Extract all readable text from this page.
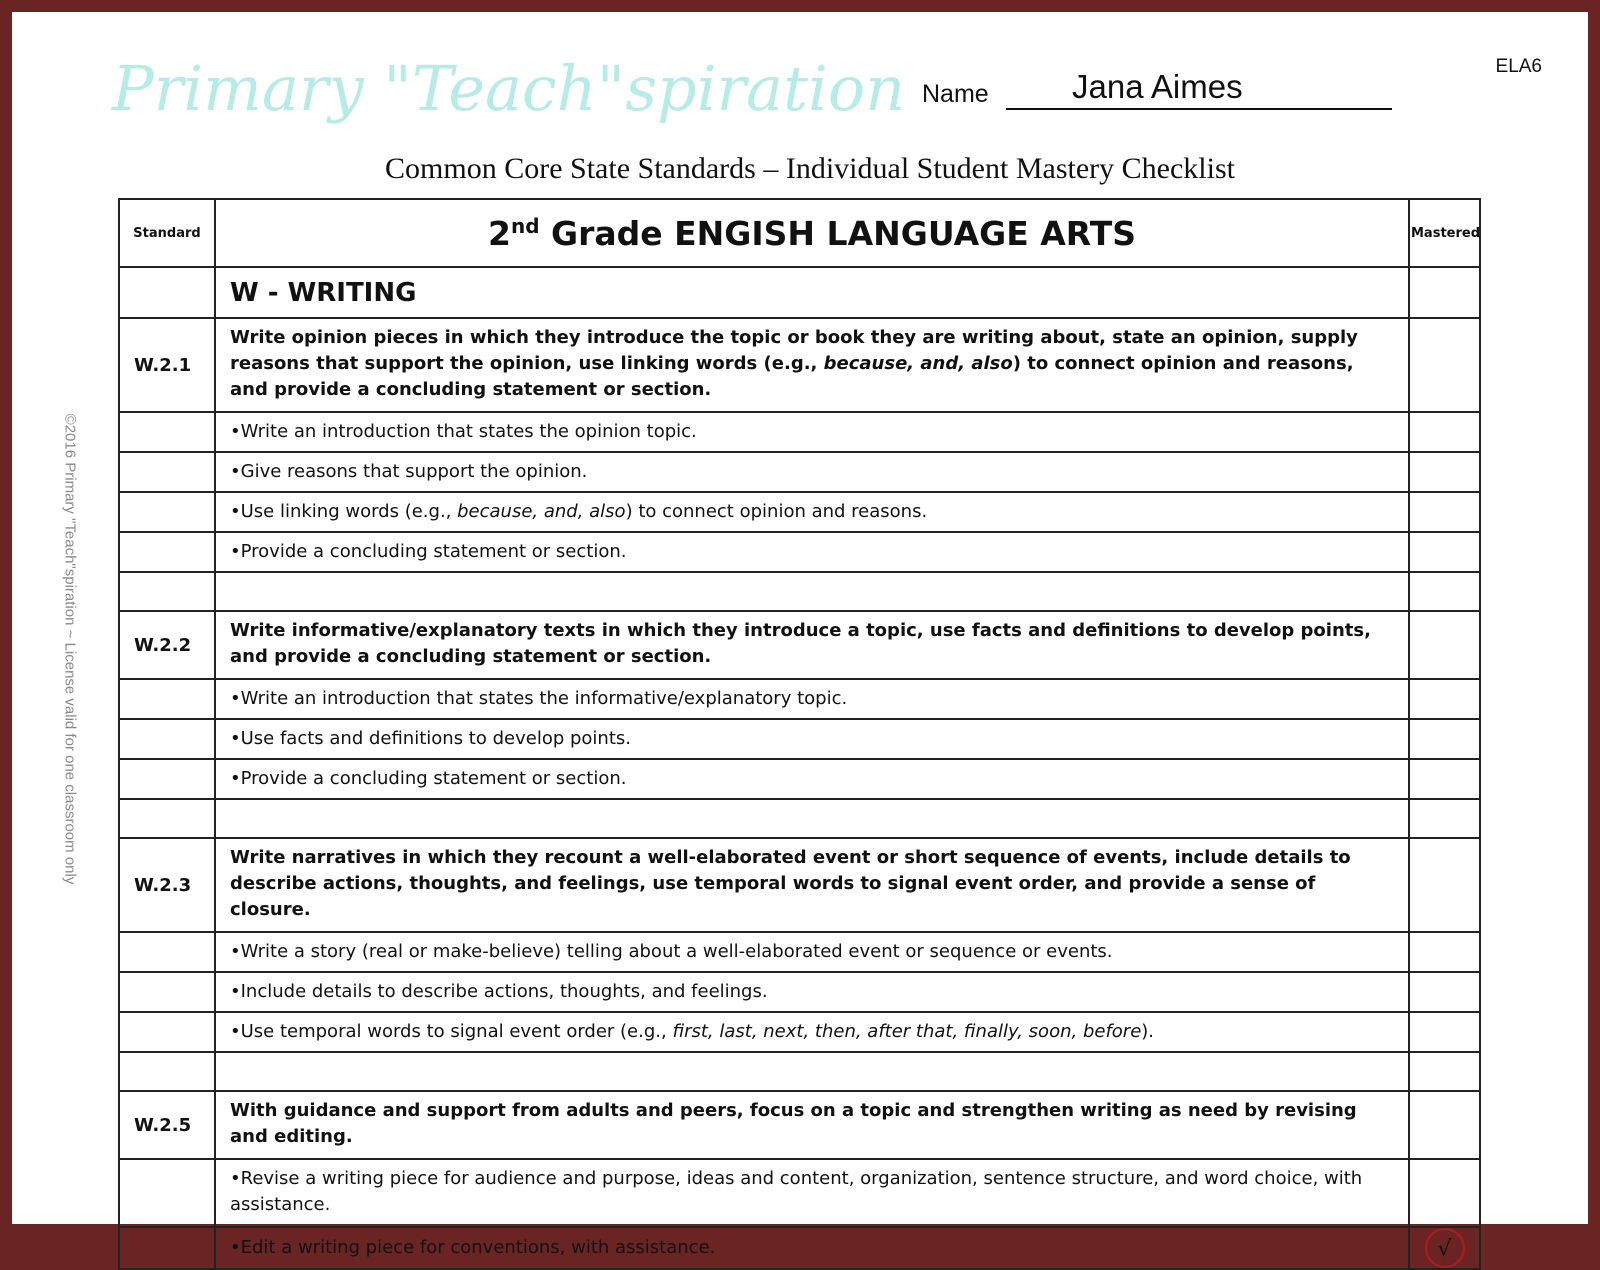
Primary "Teach"spiration Name	Jana Aimes
ELA6
Common Core State Standards – Individual Student Mastery Checklist
©2016 Primary "Teach"spiration ~ License valid for one classroom only
Standard	2nd Grade ENGISH LANGUAGE ARTS	Mastered
	W - WRITING	
W.2.1	Write opinion pieces in which they introduce the topic or book they are writing about, state an opinion, supply reasons that support the opinion, use linking words (e.g., because, and, also) to connect opinion and reasons, and provide a concluding statement or section.	
	•Write an introduction that states the opinion topic.	
	•Give reasons that support the opinion.	
	•Use linking words (e.g., because, and, also) to connect opinion and reasons.	
	•Provide a concluding statement or section.	

W.2.2	Write informative/explanatory texts in which they introduce a topic, use facts and definitions to develop points, and provide a concluding statement or section.	
	•Write an introduction that states the informative/explanatory topic.	
	•Use facts and definitions to develop points.	
	•Provide a concluding statement or section.	

W.2.3	Write narratives in which they recount a well-elaborated event or short sequence of events, include details to describe actions, thoughts, and feelings, use temporal words to signal event order, and provide a sense of closure.	
	•Write a story (real or make-believe) telling about a well-elaborated event or sequence or events.	
	•Include details to describe actions, thoughts, and feelings.	
	•Use temporal words to signal event order (e.g., first, last, next, then, after that, finally, soon, before).	

W.2.5	With guidance and support from adults and peers, focus on a topic and strengthen writing as need by revising and editing.	
	•Revise a writing piece for audience and purpose, ideas and content, organization, sentence structure, and word choice, with assistance.	
	•Edit a writing piece for conventions, with assistance.	√
